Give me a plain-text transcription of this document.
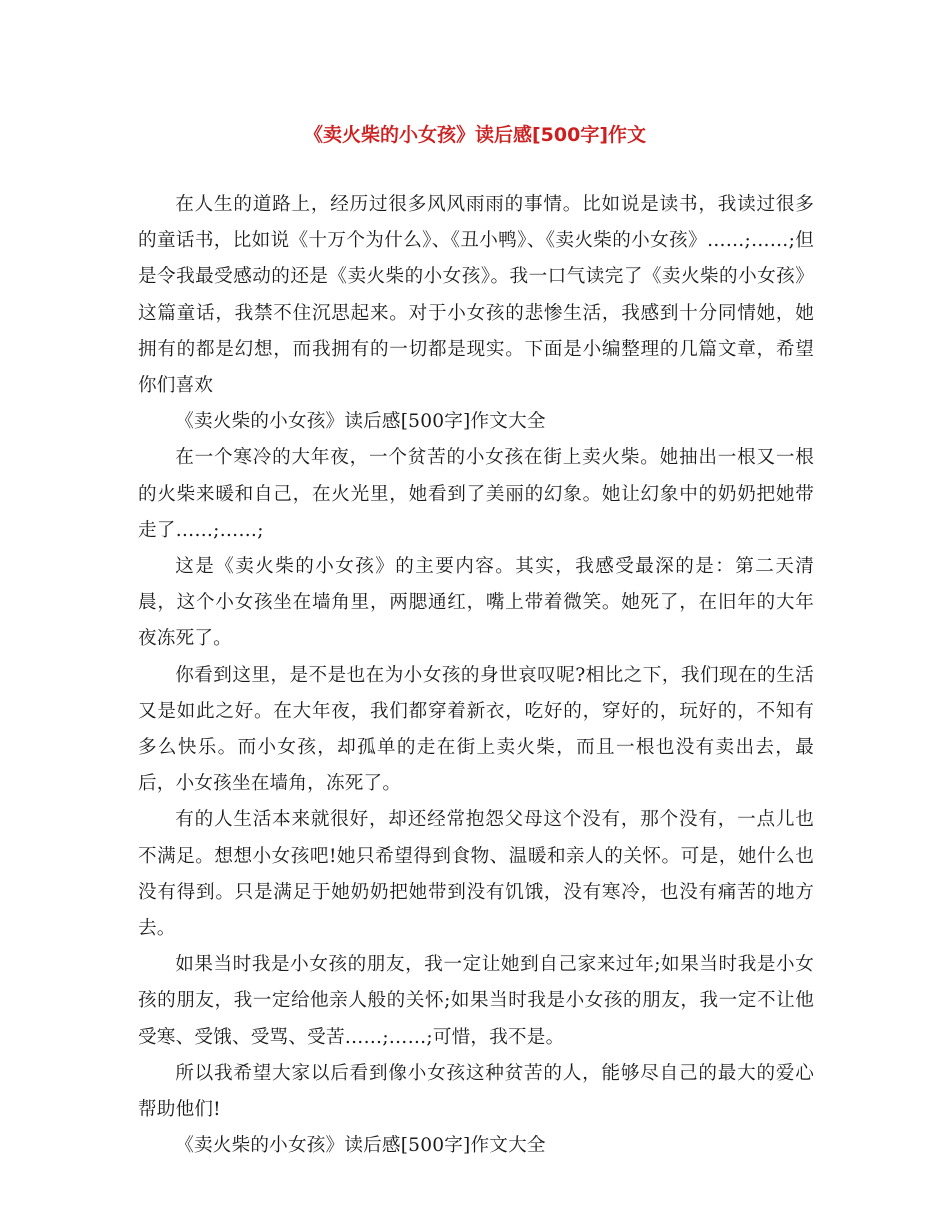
《卖火柴的小女孩》读后感[500字]作文

在人生的道路上，经历过很多风风雨雨的事情。比如说是读书，我读过很多的童话书，比如说《十万个为什么》、《丑小鸭》、《卖火柴的小女孩》……;……;但是令我最受感动的还是《卖火柴的小女孩》。我一口气读完了《卖火柴的小女孩》这篇童话，我禁不住沉思起来。对于小女孩的悲惨生活，我感到十分同情她，她拥有的都是幻想，而我拥有的一切都是现实。下面是小编整理的几篇文章，希望你们喜欢

《卖火柴的小女孩》读后感[500字]作文大全

在一个寒冷的大年夜，一个贫苦的小女孩在街上卖火柴。她抽出一根又一根的火柴来暖和自己，在火光里，她看到了美丽的幻象。她让幻象中的奶奶把她带走了……;……;

这是《卖火柴的小女孩》的主要内容。其实，我感受最深的是：第二天清晨，这个小女孩坐在墙角里，两腮通红，嘴上带着微笑。她死了，在旧年的大年夜冻死了。

你看到这里，是不是也在为小女孩的身世哀叹呢?相比之下，我们现在的生活又是如此之好。在大年夜，我们都穿着新衣，吃好的，穿好的，玩好的，不知有多么快乐。而小女孩，却孤单的走在街上卖火柴，而且一根也没有卖出去，最后，小女孩坐在墙角，冻死了。

有的人生活本来就很好，却还经常抱怨父母这个没有，那个没有，一点儿也不满足。想想小女孩吧!她只希望得到食物、温暖和亲人的关怀。可是，她什么也没有得到。只是满足于她奶奶把她带到没有饥饿，没有寒冷，也没有痛苦的地方去。

如果当时我是小女孩的朋友，我一定让她到自己家来过年;如果当时我是小女孩的朋友，我一定给他亲人般的关怀;如果当时我是小女孩的朋友，我一定不让他受寒、受饿、受骂、受苦……;……;可惜，我不是。

所以我希望大家以后看到像小女孩这种贫苦的人，能够尽自己的最大的爱心帮助他们!

《卖火柴的小女孩》读后感[500字]作文大全
